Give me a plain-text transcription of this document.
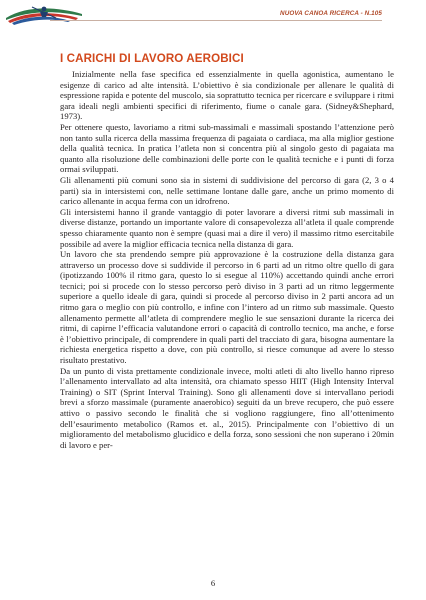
NUOVA CANOA RICERCA - N.105
I CARICHI DI LAVORO AEROBICI

Inizialmente nella fase specifica ed essenzialmente in quella agonistica, aumentano le esigenze di carico ad alte intensità. L’obiettivo è sia condizionale per allenare le qualità di espressione rapida e potente del muscolo, sia soprattutto tecnica per ricercare e sviluppare i ritmi gara ideali negli ambienti specifici di riferimento, fiume o canale gara. (Sidney&Shephard, 1973).

Per ottenere questo, lavoriamo a ritmi sub-massimali e massimali spostando l’attenzione però non tanto sulla ricerca della massima frequenza di pagaiata o cardiaca, ma alla miglior gestione della qualità tecnica. In pratica l’atleta non si concentra più al singolo gesto di pagaiata ma quanto alla risoluzione delle combinazioni delle porte con le qualità tecniche e i punti di forza ormai sviluppati.

Gli allenamenti più comuni sono sia in sistemi di suddivisione del percorso di gara (2, 3 o 4 parti) sia in intersistemi con, nelle settimane lontane dalle gare, anche un primo momento di carico allenante in acqua ferma con un idrofreno.

Gli intersistemi hanno il grande vantaggio di poter lavorare a diversi ritmi sub massimali in diverse distanze, portando un importante valore di consapevolezza all’atleta il quale comprende spesso chiaramente quanto non è sempre (quasi mai a dire il vero) il massimo ritmo esercitabile possibile ad avere la miglior efficacia tecnica nella distanza di gara.

Un lavoro che sta prendendo sempre più approvazione è la costruzione della distanza gara attraverso un processo dove si suddivide il percorso in 6 parti ad un ritmo oltre quello di gara (ipotizzando 100% il ritmo gara, questo lo si esegue al 110%) accettando quindi anche errori tecnici; poi si procede con lo stesso percorso però diviso in 3 parti ad un ritmo leggermente superiore a quello ideale di gara, quindi si procede al percorso diviso in 2 parti ancora ad un ritmo gara o meglio con più controllo, e infine con l’intero ad un ritmo sub massimale. Questo allenamento permette all’atleta di comprendere meglio le sue sensazioni durante la ricerca dei ritmi, di capirne l’efficacia valutandone errori o capacità di controllo tecnico, ma anche, e forse è l’obiettivo principale, di comprendere in quali parti del tracciato di gara, bisogna aumentare la richiesta energetica rispetto a dove, con più controllo, si riesce comunque ad avere lo stesso risultato prestativo.

Da un punto di vista prettamente condizionale invece, molti atleti di alto livello hanno ripreso l’allenamento intervallato ad alta intensità, ora chiamato spesso HIIT (High Intensity Interval Training) o SIT (Sprint Interval Training). Sono gli allenamenti dove si intervallano periodi brevi a sforzo massimale (puramente anaerobico) seguiti da un breve recupero, che può essere attivo o passivo secondo le finalità che si vogliono raggiungere, fino all’ottenimento dell’esaurimento metabolico (Ramos et. al., 2015). Principalmente con l’obiettivo di un miglioramento del metabolismo glucidico e della forza, sono sessioni che non superano i 20min di lavoro e per-

6
